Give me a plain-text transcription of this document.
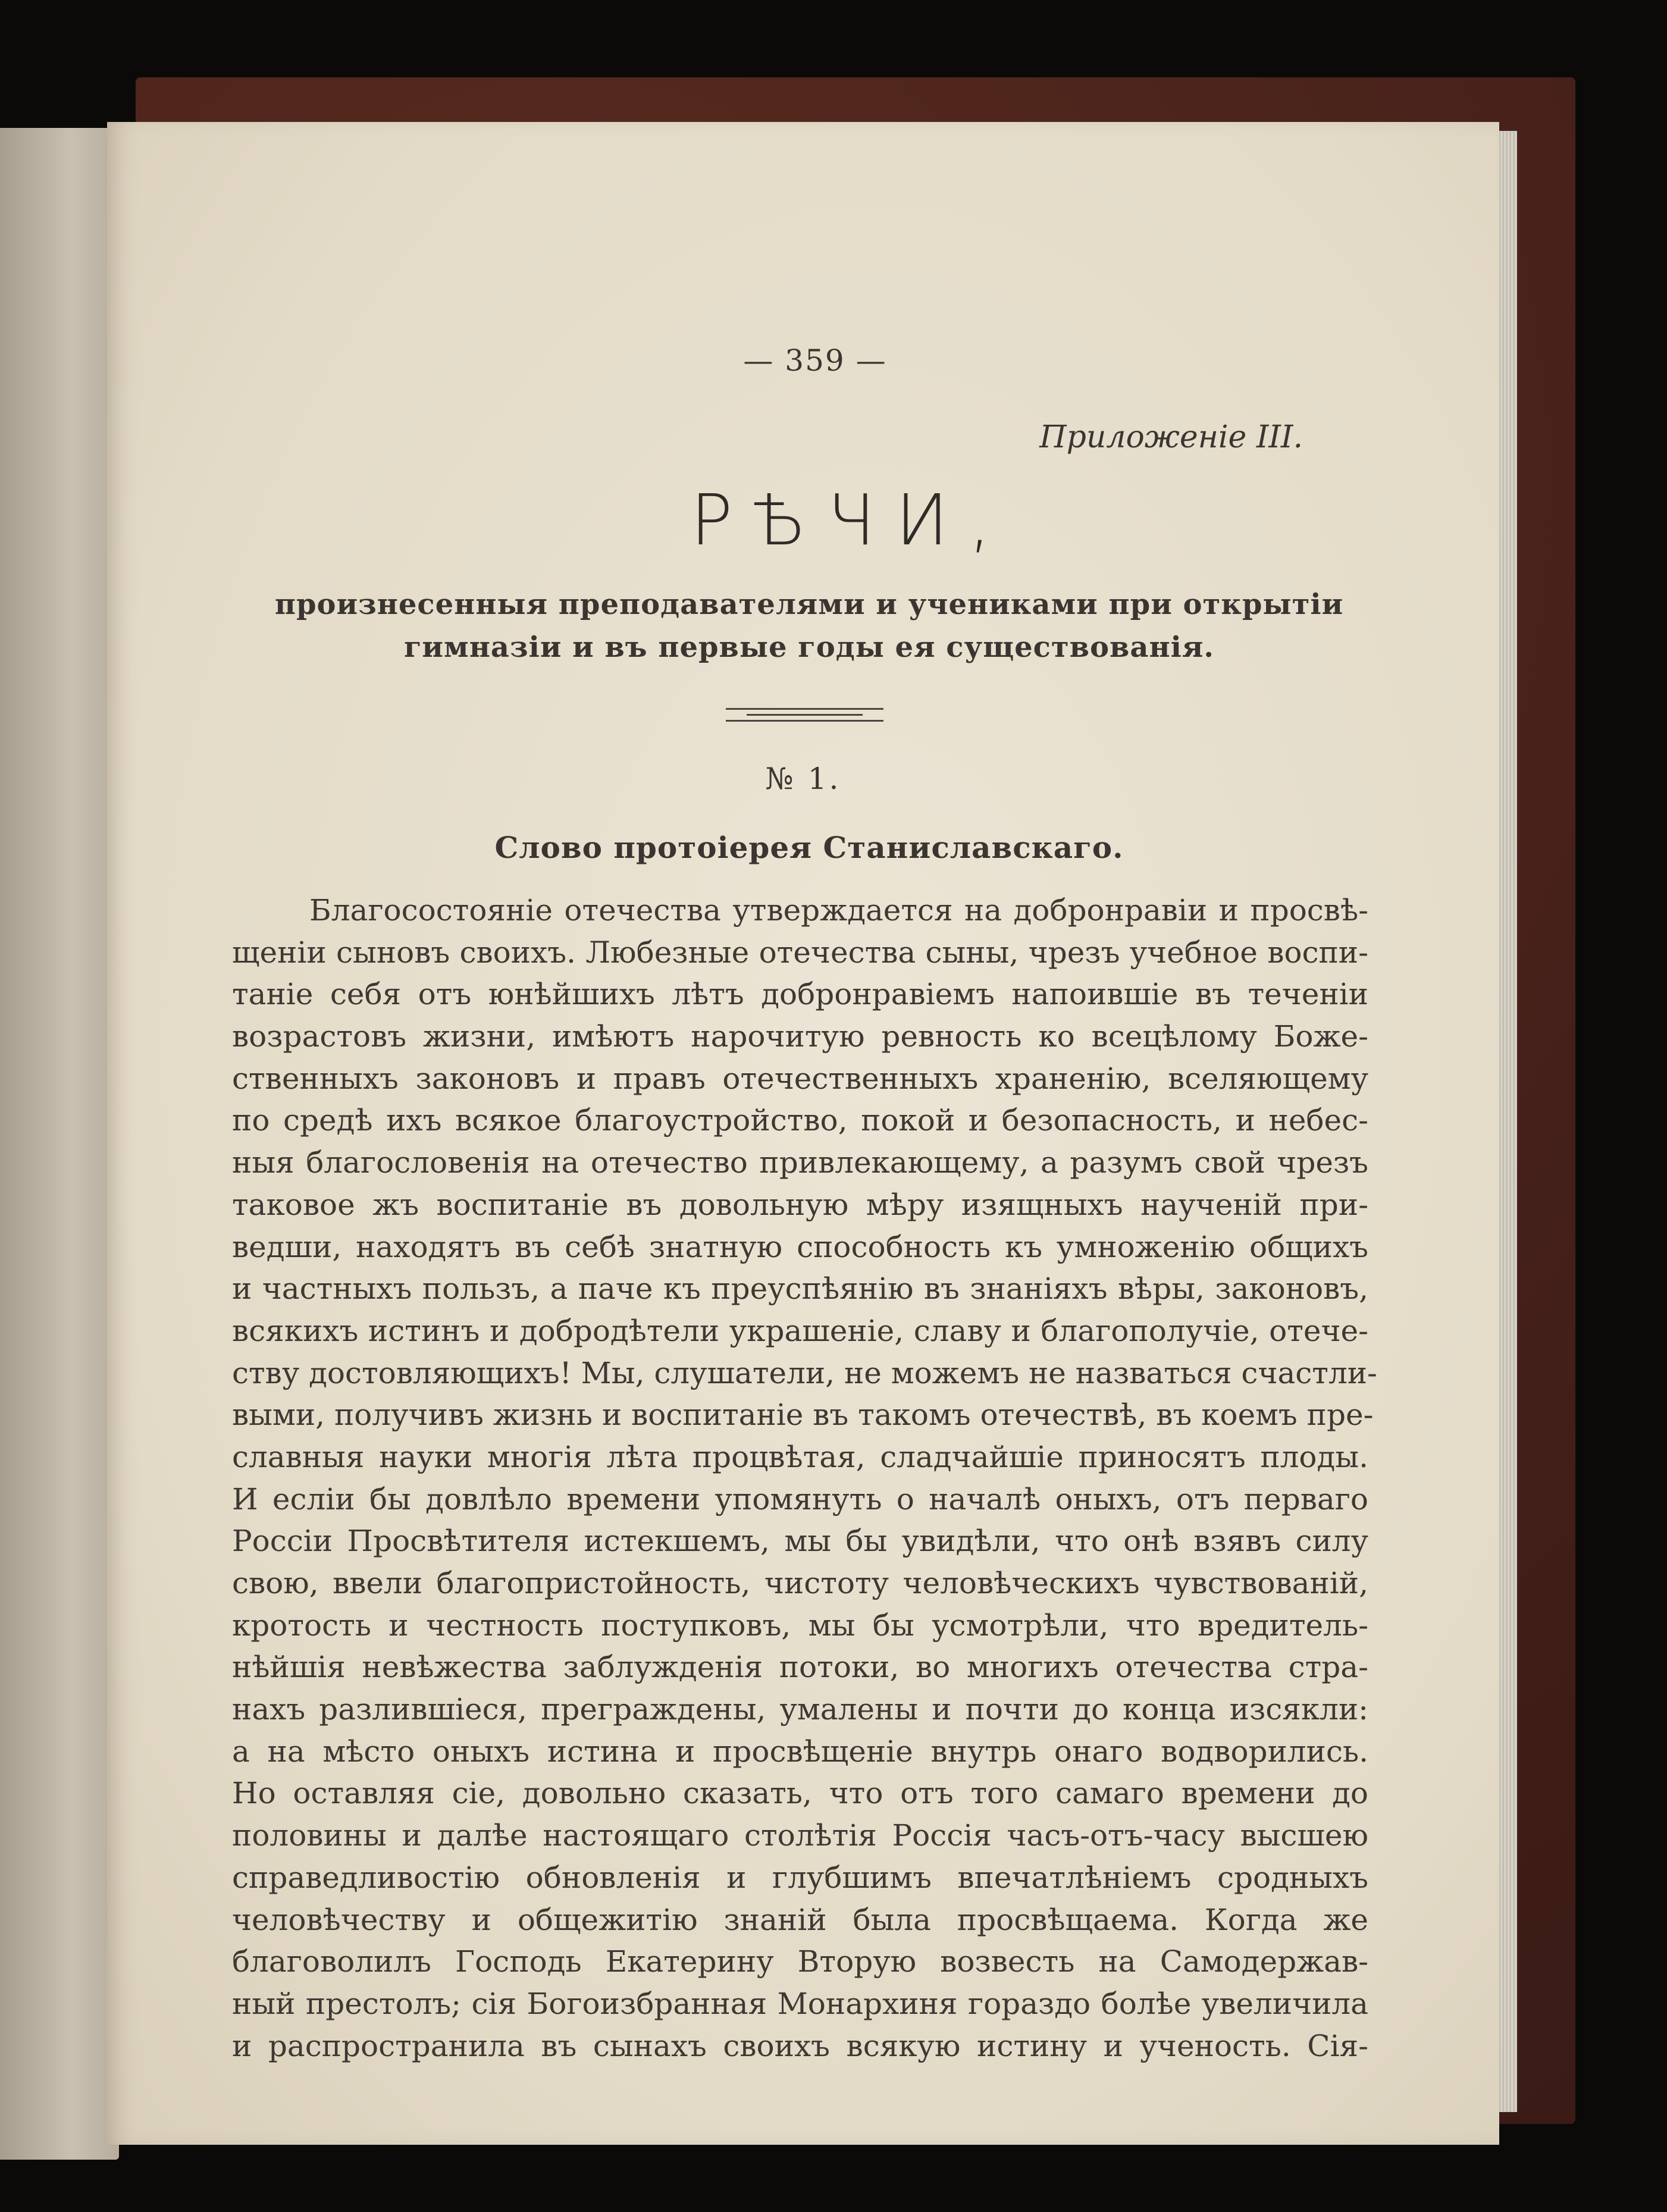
— 359 —
Приложеніе III.
РѢЧИ,
произнесенныя преподавателями и учениками при открытіи
гимназіи и въ первые годы ея существованія.
№ 1.
Слово протоіерея Станиславскаго.
Благосостояніе отечества утверждается на добронравіи и просвѣ-
щеніи сыновъ своихъ. Любезные отечества сыны, чрезъ учебное воспи-
таніе себя отъ юнѣйшихъ лѣтъ добронравіемъ напоившіе въ теченіи
возрастовъ жизни, имѣютъ нарочитую ревность ко всецѣлому Боже-
ственныхъ законовъ и правъ отечественныхъ храненію, вселяющему
по средѣ ихъ всякое благоустройство, покой и безопасность, и небес-
ныя благословенія на отечество привлекающему, а разумъ свой чрезъ
таковое жъ воспитаніе въ довольную мѣру изящныхъ наученій при-
ведши, находятъ въ себѣ знатную способность къ умноженію общихъ
и частныхъ пользъ, а паче къ преуспѣянію въ знаніяхъ вѣры, законовъ,
всякихъ истинъ и добродѣтели украшеніе, славу и благополучіе, отече-
ству достовляющихъ! Мы, слушатели, не можемъ не назваться счастли-
выми, получивъ жизнь и воспитаніе въ такомъ отечествѣ, въ коемъ пре-
славныя науки многія лѣта процвѣтая, сладчайшіе приносятъ плоды.
И есліи бы довлѣло времени упомянуть о началѣ оныхъ, отъ перваго
Россіи Просвѣтителя истекшемъ, мы бы увидѣли, что онѣ взявъ силу
свою, ввели благопристойность, чистоту человѣческихъ чувствованій,
кротость и честность поступковъ, мы бы усмотрѣли, что вредитель-
нѣйшія невѣжества заблужденія потоки, во многихъ отечества стра-
нахъ разлившіеся, преграждены, умалены и почти до конца изсякли:
а на мѣсто оныхъ истина и просвѣщеніе внутрь онаго водворились.
Но оставляя сіе, довольно сказать, что отъ того самаго времени до
половины и далѣе настоящаго столѣтія Россія часъ-отъ-часу высшею
справедливостію обновленія и глубшимъ впечатлѣніемъ сродныхъ
человѣчеству и общежитію знаній была просвѣщаема. Когда же
благоволилъ Господь Екатерину Вторую возвесть на Самодержав-
ный престолъ; сія Богоизбранная Монархиня гораздо болѣе увеличила
и распространила въ сынахъ своихъ всякую истину и ученость. Сія-
